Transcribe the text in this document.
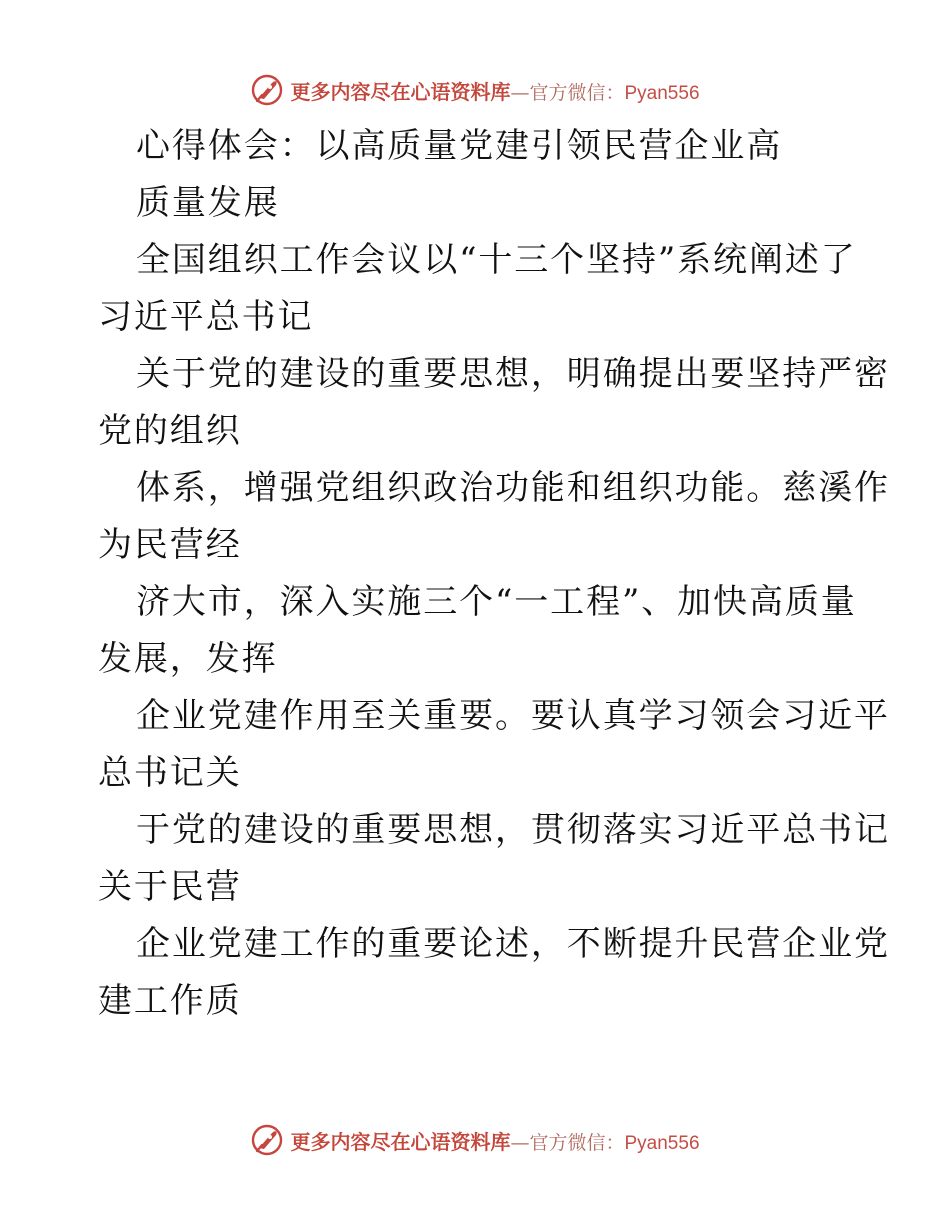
更多内容尽在心语资料库—官方微信：Pyan556

心得体会：以高质量党建引领民营企业高

质量发展

全国组织工作会议以“十三个坚持”系统阐述了

习近平总书记

关于党的建设的重要思想，明确提出要坚持严密

党的组织

体系，增强党组织政治功能和组织功能。慈溪作

为民营经

济大市，深入实施三个“一工程”、加快高质量

发展，发挥

企业党建作用至关重要。要认真学习领会习近平

总书记关

于党的建设的重要思想，贯彻落实习近平总书记

关于民营

企业党建工作的重要论述，不断提升民营企业党

建工作质

更多内容尽在心语资料库—官方微信：Pyan556
